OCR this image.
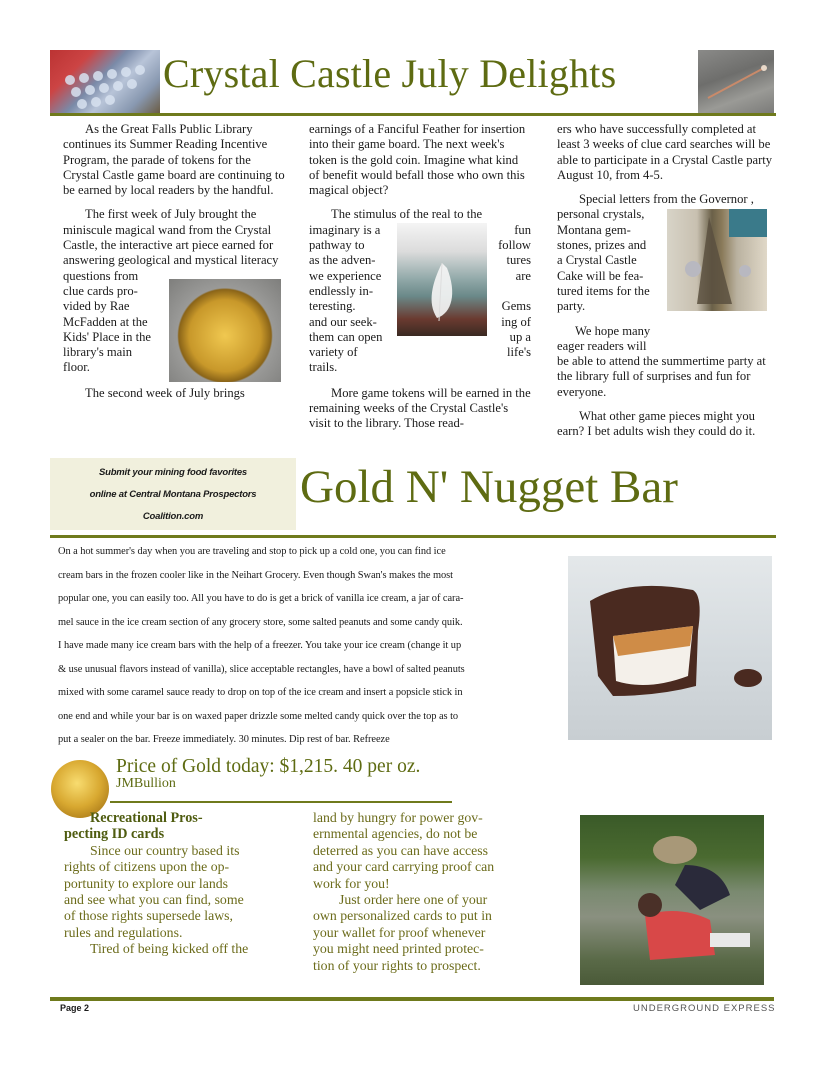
Crystal Castle July Delights

As the Great Falls Public Library continues its Summer Reading Incentive Program, the parade of tokens for the Crystal Castle game board are continuing to be earned by local readers by the handful.

The first week of July brought the miniscule magical wand from the Crystal Castle, the interactive art piece earned for answering geological and mystical literacy

questions from
clue cards pro-
vided by Rae
McFadden at the
Kids' Place in the
library's main
floor.

The second week of July brings

earnings of a Fanciful Feather for insertion into their game board. The next week's token is the gold coin. Imagine what kind of benefit would befall those who own this magical object?

The stimulus of the real to the

imaginary is a	fun
pathway to	follow
as the adven-	tures
we experience	are
endlessly in-
teresting.	Gems
and our seek-	ing of
them can open	up a
variety of	life's
trails.

More game tokens will be earned in the remaining weeks of the Crystal Castle's visit to the library. Those read-

ers who have successfully completed at least 3 weeks of clue card searches will be able to participate in a Crystal Castle party August 10, from 4-5.

Special letters from the Governor ,

personal crystals,
Montana gem-
stones, prizes and
a Crystal Castle
Cake will be fea-
tured items for the
party.
We hope many
eager readers will

be able to attend the summertime party at the library full of surprises and fun for everyone.

What other game pieces might you earn? I bet adults wish they could do it.

Submit your mining food favorites
online at Central Montana Prospectors
Coalition.com
Gold N' Nugget Bar
On a hot summer's day when you are traveling and stop to pick up a cold one, you can find ice
cream bars in the frozen cooler like in the Neihart Grocery. Even though Swan's makes the most
popular one, you can easily too. All you have to do is get a brick of vanilla ice cream, a jar of cara-
mel sauce in the ice cream section of any grocery store, some salted peanuts and some candy quik.
I have made many ice cream bars with the help of a freezer. You take your ice cream (change it up
& use unusual flavors instead of vanilla), slice acceptable rectangles, have a bowl of salted peanuts
mixed with some caramel sauce ready to drop on top of the ice cream and insert a popsicle stick in
one end and while your bar is on waxed paper drizzle some melted candy quick over the top as to
put a sealer on the bar. Freeze immediately. 30 minutes. Dip rest of bar. Refreeze
Price of Gold today: $1,215. 40 per oz.
JMBullion

Recreational Pros-

pecting ID cards

Since our country based its

rights of citizens upon the op-

portunity to explore our lands

and see what you can find, some

of those rights supersede laws,

rules and regulations.

Tired of being kicked off the

land by hungry for power gov-

ernmental agencies, do not be

deterred as you can have access

and your card carrying proof can

work for you!

Just order here one of your

own personalized cards to put in

your wallet for proof whenever

you might need printed protec-

tion of your rights to prospect.

Page 2	UNDERGROUND EXPRESS
